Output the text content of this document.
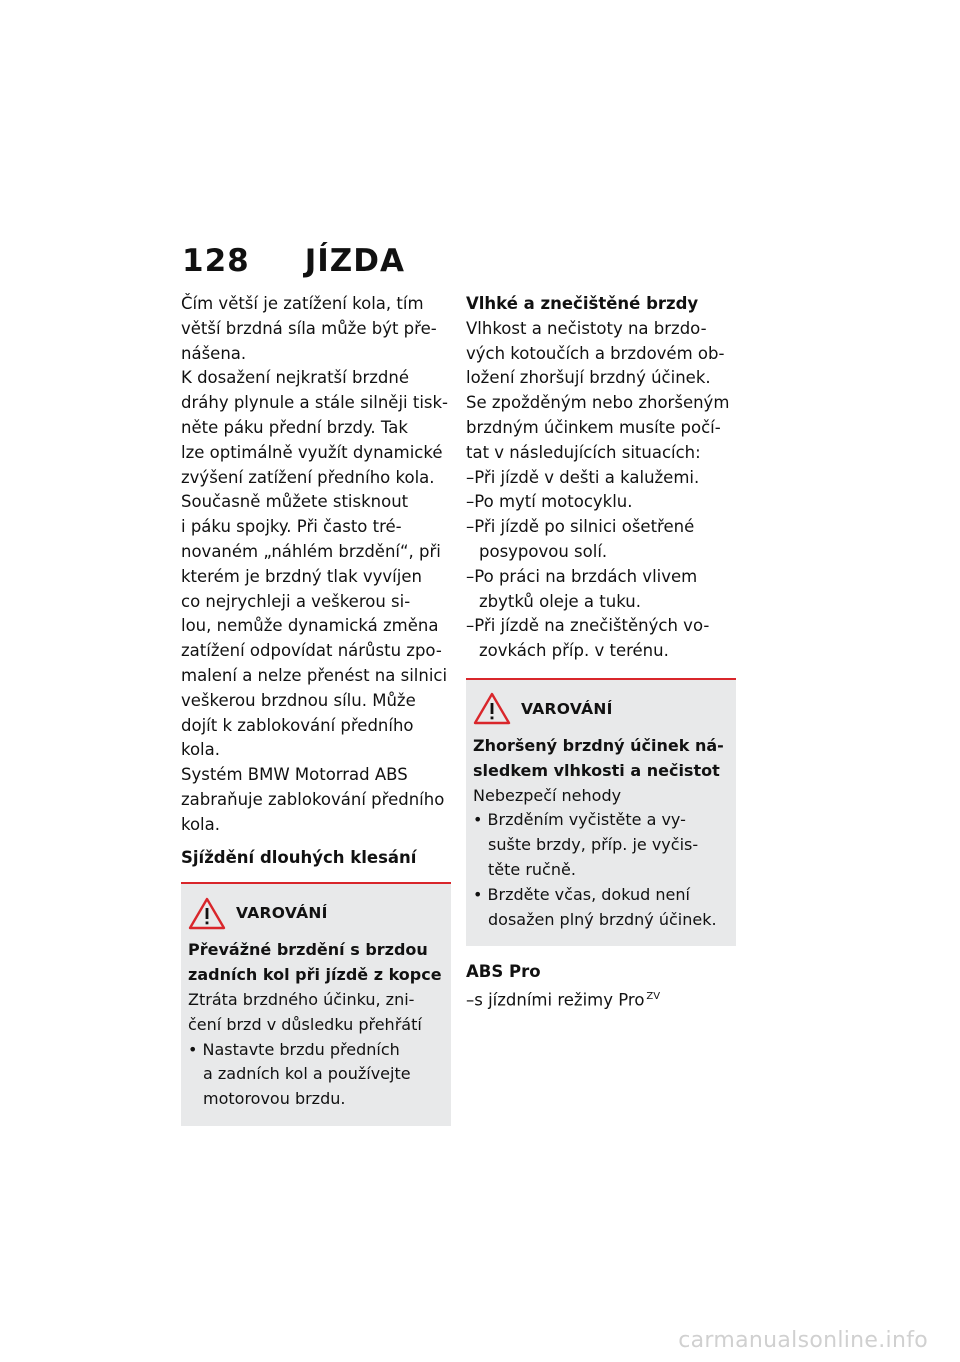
128 JÍZDA
Čím větší je zatížení kola, tím
větší brzdná síla může být pře-
nášena.
K dosažení nejkratší brzdné
dráhy plynule a stále silněji tisk-
něte páku přední brzdy. Tak
lze optimálně využít dynamické
zvýšení zatížení předního kola.
Současně můžete stisknout
i páku spojky. Při často tré-
novaném „náhlém brzdění“, při
kterém je brzdný tlak vyvíjen
co nejrychleji a veškerou si-
lou, nemůže dynamická změna
zatížení odpovídat nárůstu zpo-
malení a nelze přenést na silnici
veškerou brzdnou sílu. Může
dojít k zablokování předního
kola.
Systém BMW Motorrad ABS
zabraňuje zablokování předního
kola.
Sjíždění dlouhých klesání
VAROVÁNÍ
Převážné brzdění s brzdou
zadních kol při jízdě z kopce
Ztráta brzdného účinku, zni-
čení brzd v důsledku přehřátí
• Nastavte brzdu předních
a zadních kol a používejte
motorovou brzdu.
Vlhké a znečištěné brzdy
Vlhkost a nečistoty na brzdo-
vých kotoučích a brzdovém ob-
ložení zhoršují brzdný účinek.
Se zpožděným nebo zhoršeným
brzdným účinkem musíte počí-
tat v následujících situacích:
–Při jízdě v dešti a kalužemi.
–Po mytí motocyklu.
–Při jízdě po silnici ošetřené
posypovou solí.
–Po práci na brzdách vlivem
zbytků oleje a tuku.
–Při jízdě na znečištěných vo-
zovkách příp. v terénu.
VAROVÁNÍ
Zhoršený brzdný účinek ná-
sledkem vlhkosti a nečistot
Nebezpečí nehody
• Brzděním vyčistěte a vy-
sušte brzdy, příp. je vyčis-
těte ručně.
• Brzděte včas, dokud není
dosažen plný brzdný účinek.
ABS Pro
–s jízdními režimy Pro $^{ZV}$
carmanualsonline.info
